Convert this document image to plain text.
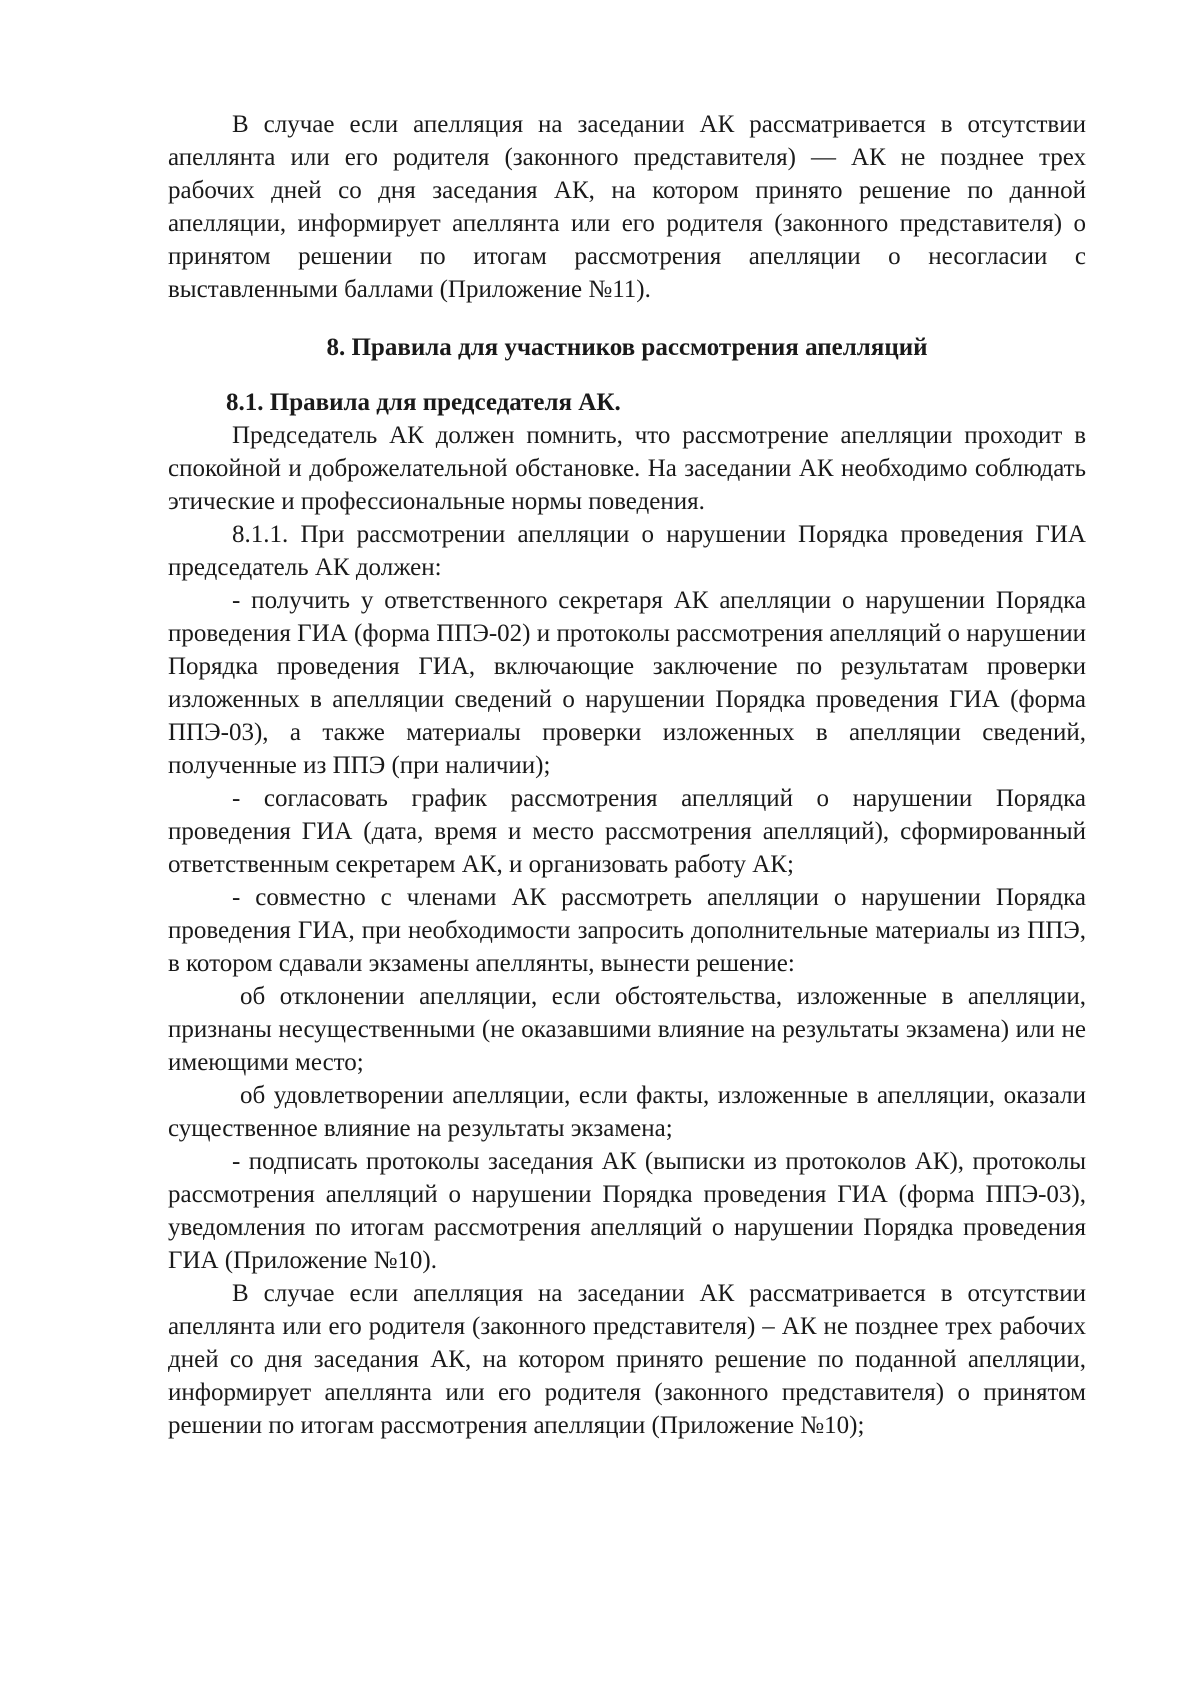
В случае если апелляция на заседании АК рассматривается в отсутствии апеллянта или его родителя (законного представителя) — АК не позднее трех рабочих дней со дня заседания АК, на котором принято решение по данной апелляции, информирует апеллянта или его родителя (законного представителя) о принятом решении по итогам рассмотрения апелляции о несогласии с выставленными баллами (Приложение №11).

8. Правила для участников рассмотрения апелляций
8.1. Правила для председателя АК.

Председатель АК должен помнить, что рассмотрение апелляции проходит в спокойной и доброжелательной обстановке. На заседании АК необходимо соблюдать этические и профессиональные нормы поведения.

8.1.1. При рассмотрении апелляции о нарушении Порядка проведения ГИА председатель АК должен:

- получить у ответственного секретаря АК апелляции о нарушении Порядка проведения ГИА (форма ППЭ-02) и протоколы рассмотрения апелляций о нарушении Порядка проведения ГИА, включающие заключение по результатам проверки изложенных в апелляции сведений о нарушении Порядка проведения ГИА (форма ППЭ-03), а также материалы проверки изложенных в апелляции сведений, полученные из ППЭ (при наличии);

- согласовать график рассмотрения апелляций о нарушении Порядка проведения ГИА (дата, время и место рассмотрения апелляций), сформированный ответственным секретарем АК, и организовать работу АК;

- совместно с членами АК рассмотреть апелляции о нарушении Порядка проведения ГИА, при необходимости запросить дополнительные материалы из ППЭ, в котором сдавали экзамены апеллянты, вынести решение:

об отклонении апелляции, если обстоятельства, изложенные в апелляции, признаны несущественными (не оказавшими влияние на результаты экзамена) или не имеющими место;

об удовлетворении апелляции, если факты, изложенные в апелляции, оказали существенное влияние на результаты экзамена;

- подписать протоколы заседания АК (выписки из протоколов АК), протоколы рассмотрения апелляций о нарушении Порядка проведения ГИА (форма ППЭ-03), уведомления по итогам рассмотрения апелляций о нарушении Порядка проведения ГИА (Приложение №10).

В случае если апелляция на заседании АК рассматривается в отсутствии апеллянта или его родителя (законного представителя) – АК не позднее трех рабочих дней со дня заседания АК, на котором принято решение по поданной апелляции, информирует апеллянта или его родителя (законного представителя) о принятом решении по итогам рассмотрения апелляции (Приложение №10);
